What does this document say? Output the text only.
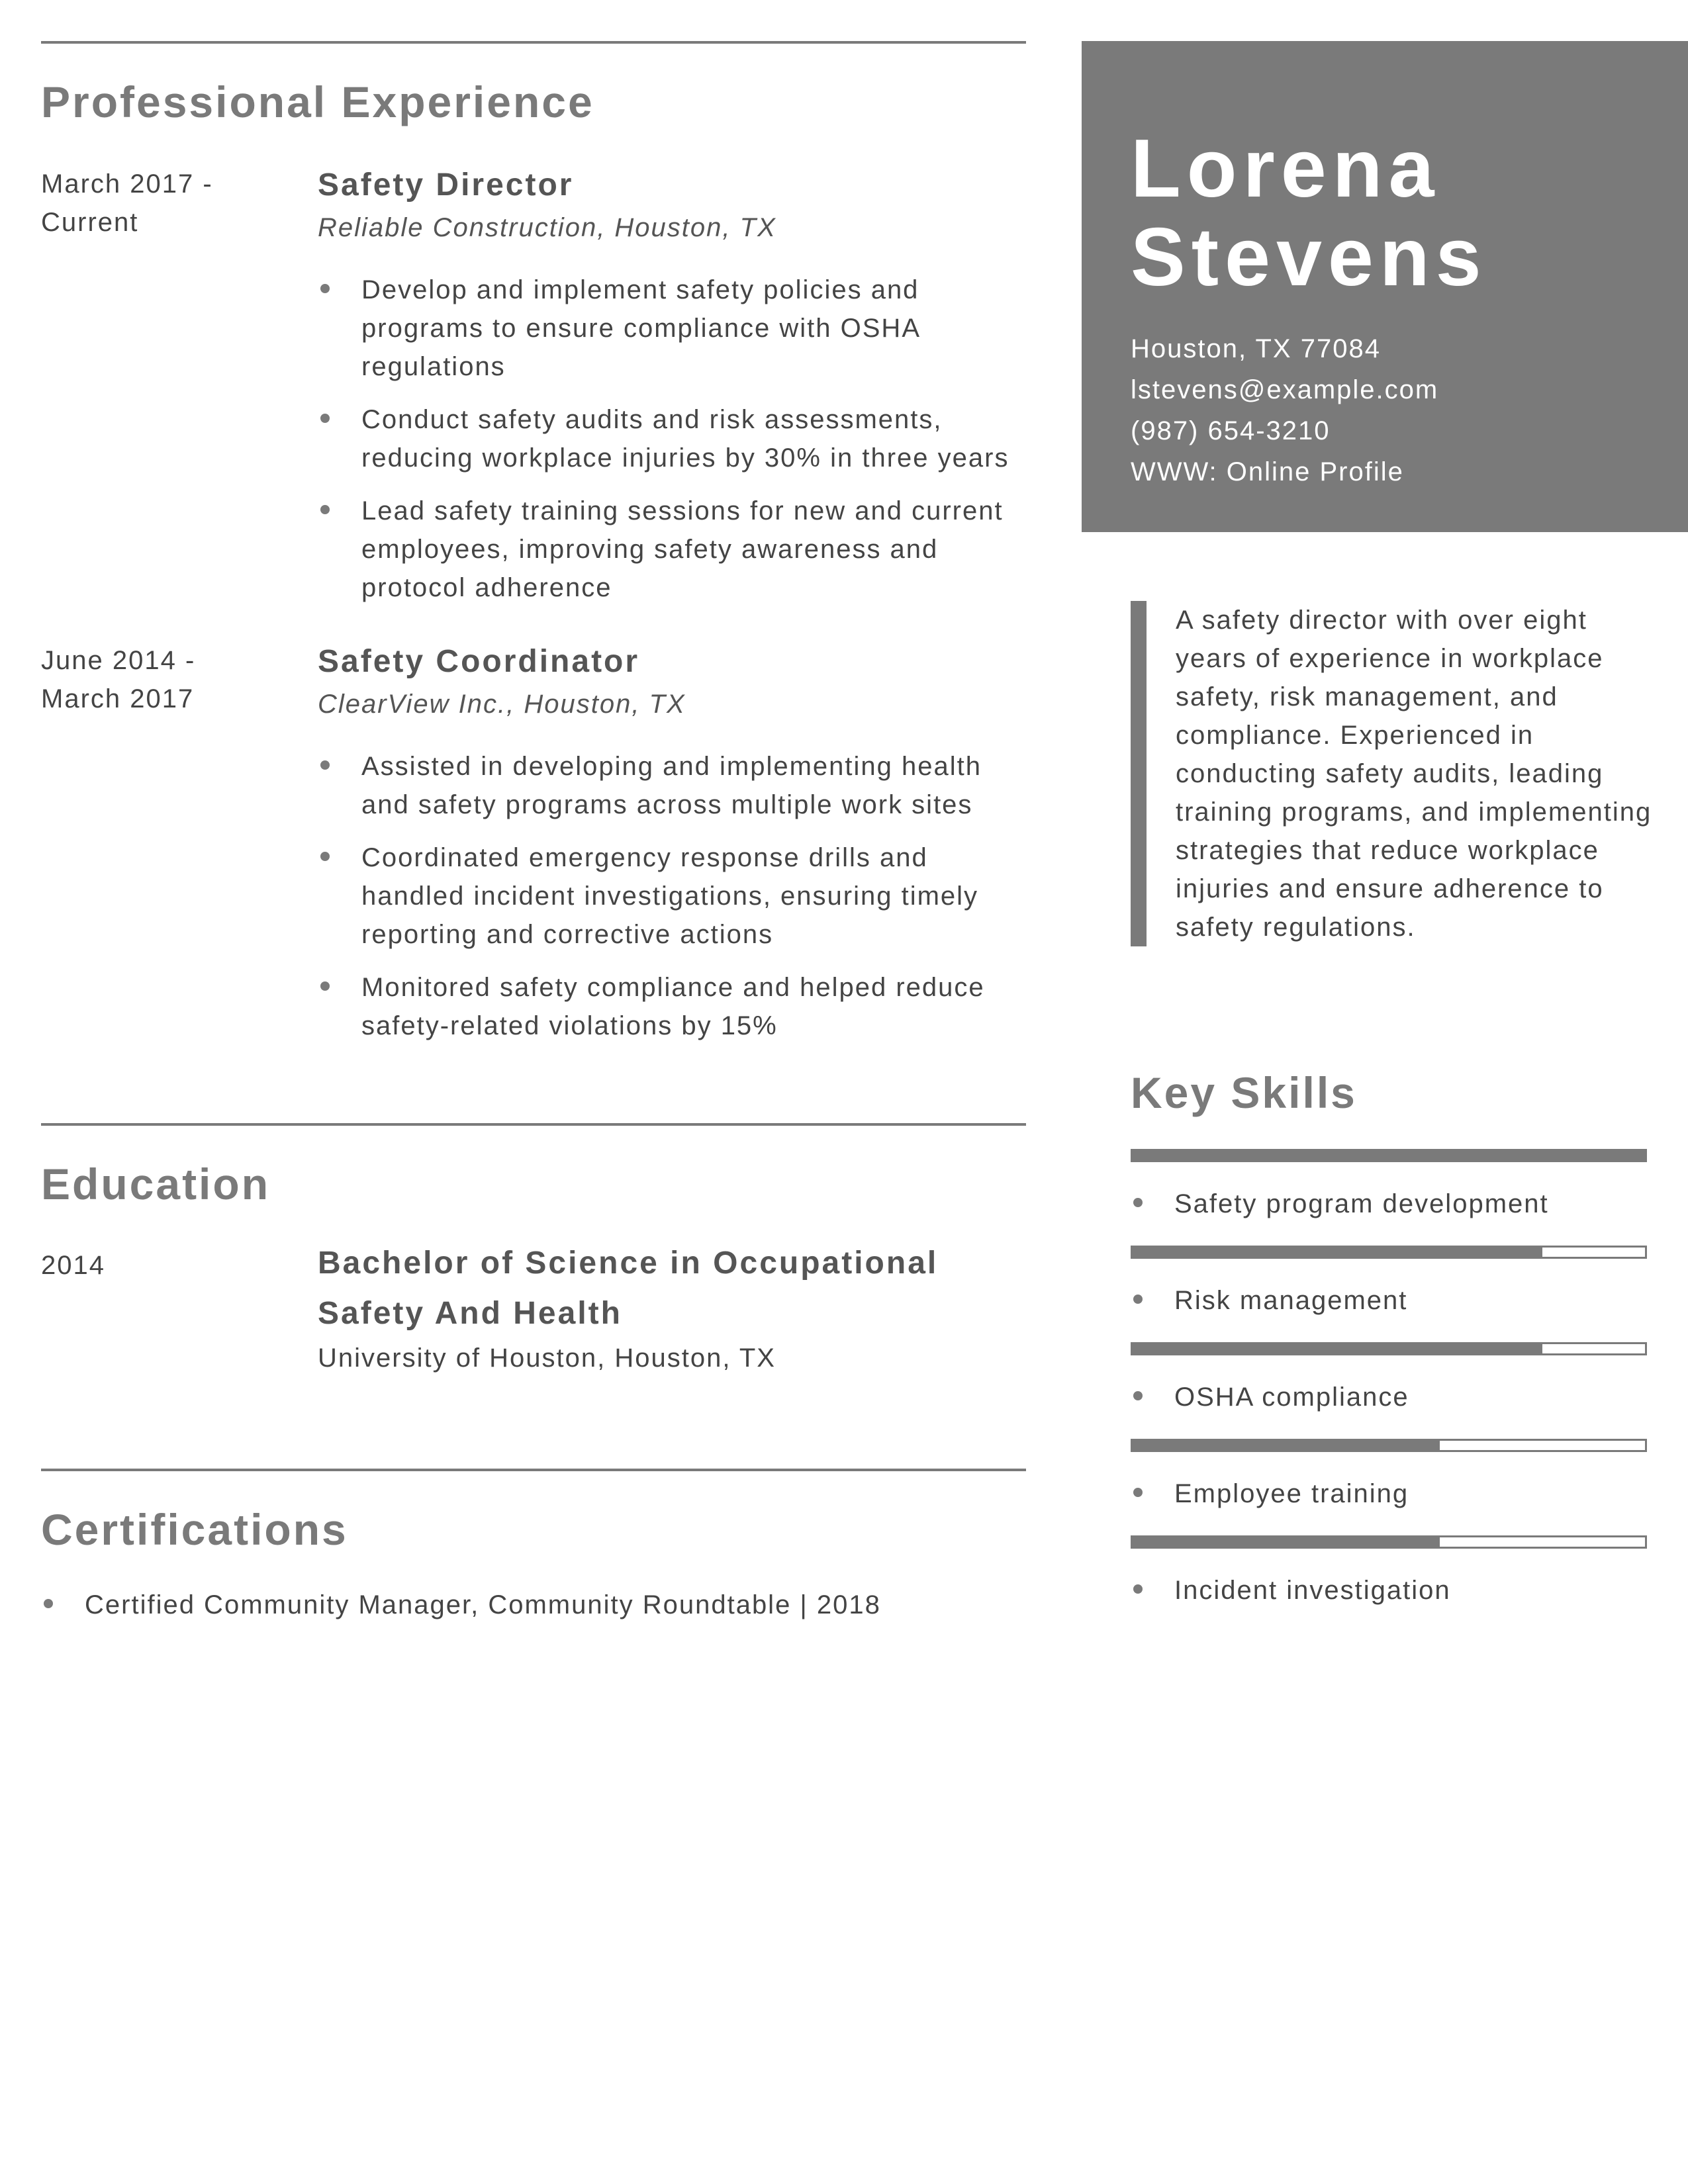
Professional Experience
March 2017 -
Current
Safety Director
Reliable Construction, Houston, TX
Develop and implement safety policies and programs to ensure compliance with OSHA regulations
Conduct safety audits and risk assessments, reducing workplace injuries by 30% in three years
Lead safety training sessions for new and current employees, improving safety awareness and protocol adherence
June 2014 -
March 2017
Safety Coordinator
ClearView Inc., Houston, TX
Assisted in developing and implementing health and safety programs across multiple work sites
Coordinated emergency response drills and handled incident investigations, ensuring timely reporting and corrective actions
Monitored safety compliance and helped reduce safety-related violations by 15%
Education
2014	Bachelor of Science in Occupational Safety And Health
University of Houston, Houston, TX
Certifications
Certified Community Manager, Community Roundtable | 2018
Lorena
Stevens
Houston, TX 77084
lstevens@example.com
(987) 654-3210
WWW: Online Profile
A safety director with over eight years of experience in workplace safety, risk management, and compliance. Experienced in conducting safety audits, leading training programs, and implementing strategies that reduce workplace injuries and ensure adherence to safety regulations.
Key Skills
Safety program development
Risk management
OSHA compliance
Employee training
Incident investigation
